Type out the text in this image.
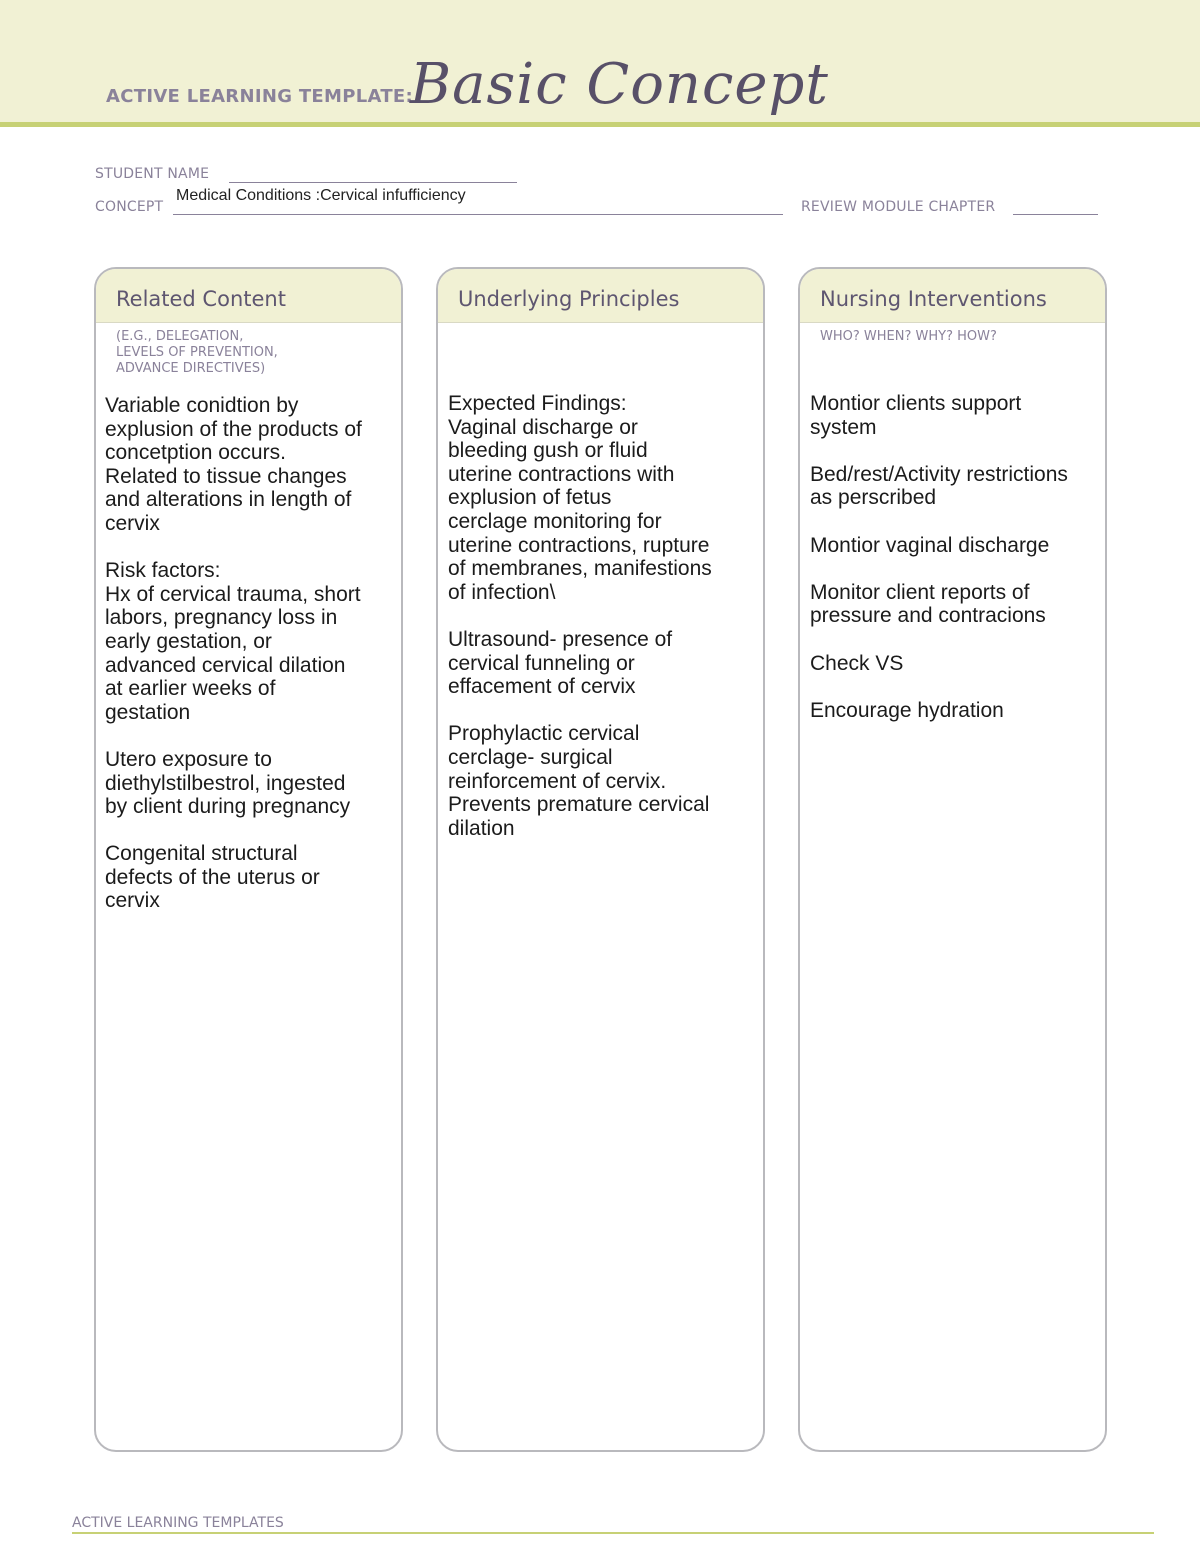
ACTIVE LEARNING TEMPLATE:
Basic Concept
STUDENT NAME
CONCEPT
Medical Conditions :Cervical infufficiency
REVIEW MODULE CHAPTER
Related Content
(E.G., DELEGATION,
LEVELS OF PREVENTION,
ADVANCE DIRECTIVES)

Variable conidtion by
explusion of the products of
concetption occurs.
Related to tissue changes
and alterations in length of
cervix

Risk factors:
Hx of cervical trauma, short
labors, pregnancy loss in
early gestation, or
advanced cervical dilation
at earlier weeks of
gestation

Utero exposure to
diethylstilbestrol, ingested
by client during pregnancy

Congenital structural
defects of the uterus or
cervix

Underlying Principles

Expected Findings:
Vaginal discharge or
bleeding gush or fluid
uterine contractions with
explusion of fetus
cerclage monitoring for
uterine contractions, rupture
of membranes, manifestions
of infection\

Ultrasound- presence of
cervical funneling or
effacement of cervix

Prophylactic cervical
cerclage- surgical
reinforcement of cervix.
Prevents premature cervical
dilation

Nursing Interventions
WHO? WHEN? WHY? HOW?

Montior clients support
system

Bed/rest/Activity restrictions
as perscribed

Montior vaginal discharge

Monitor client reports of
pressure and contracions

Check VS

Encourage hydration

ACTIVE LEARNING TEMPLATES
